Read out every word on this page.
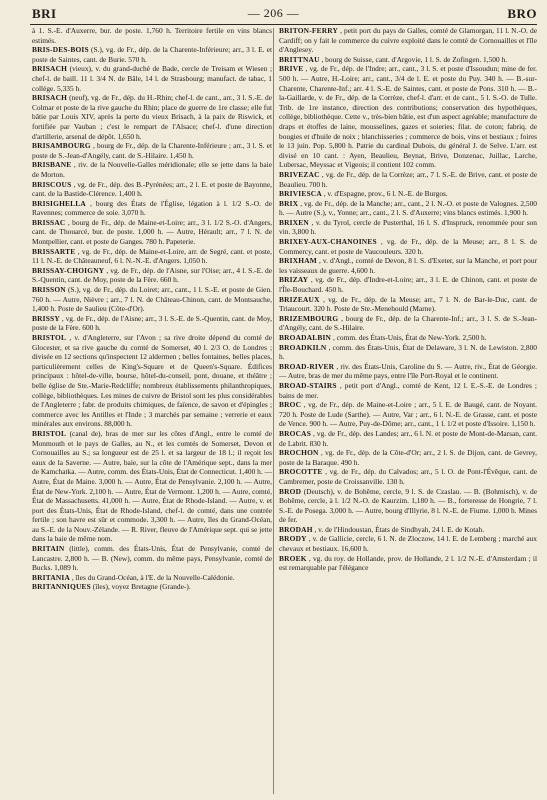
BRI	— 206 —	BRO

à 1. S.-E. d'Auxerre, bur. de poste. 1,760 h. Territoire fertile en vins blancs estimés.

BRIS-DES-BOIS (S.), vg. de Fr., dép. de la Charente-Inférieure; arr., 3 l. E. et poste de Saintes, cant. de Burie. 570 h.

BRISACH (vieux), v. du grand-duché de Bade, cercle de Treisam et Wiesen ; chef-l. de baill. 11 l. 3/4 N. de Bâle, 14 l. de Strasbourg; manufact. de tabac, 1 collège. 5,335 h.

BRISACH (neuf), vg. de Fr., dép. du H.-Rhin; chef-l. de cant., arr., 3 l. S.-E. de Colmar et poste de la rive gauche du Rhin; place de guerre de 1re classe; elle fut bâtie par Louis XIV, après la perte du vieux Brisach, à la paix de Riswick, et fortifiée par Vauban ; c'est le rempart de l'Alsace; chef-l. d'une direction d'artillerie, arsenal de dépôt. 1,650 h.

BRISAMBOURG , bourg de Fr., dép. de la Charente-Inférieure ; arr., 3 l. S. et poste de S.-Jean-d'Angély, cant. de S.-Hilaire. 1,450 h.

BRISBANE , riv. de la Nouvelle-Galles méridionale; elle se jette dans la baie de Morton.

BRISCOUS , vg. de Fr., dép. des B.-Pyrénées; arr., 2 l. E. et poste de Bayonne, cant. de la Bastide-Clérence. 1,400 h.

BRISIGHELLA , bourg des États de l'Église, légation à l. 1/2 S.-O. de Ravennes; commerce de soie. 3,070 h.

BRISSAC , bourg de Fr., dép. de Maine-et-Loire; arr., 3 l. 1/2 S.-O. d'Angers, cant. de Thouarcé, bur. de poste. 1,000 h. — Autre, Hérault; arr., 7 l. N. de Montpellier, cant. et poste de Ganges. 780 h. Papeterie.

BRISSARTE , vg. de Fr., dép. de Maine-et-Loire, arr. de Segré, cant. et poste, 11 l. N.-E. de Châteauneuf, 6 l. N.-N.-E. d'Angers. 1,050 h.

BRISSAY-CHOIGNY , vg. de Fr., dép. de l'Aisne, sur l'Oise; arr., 4 l. S.-E. de S.-Quentin, cant. de Moy, poste de la Fère. 660 h.

BRISSON (S.), vg. de Fr., dép. du Loiret; arr., cant., 1 l. S.-E. et poste de Gien. 760 h. — Autre, Nièvre ; arr., 7 l. N. de Château-Chinon, cant. de Montsauche, 1,400 h. Poste de Saulieu (Côte-d'Or).

BRISSY , vg. de Fr., dép. de l'Aisne; arr., 3 l. S.-E. de S.-Quentin, cant. de Moy, poste de la Fère. 600 h.

BRISTOL , v. d'Angleterre, sur l'Avon ; sa rive droite dépend du comté de Glocester, et sa rive gauche du comté de Somerset, 40 l. 2/3 O. de Londres ; divisée en 12 sections qu'inspectent 12 aldermen ; belles fontaines, belles places, particulièrement celles de King's-Square et de Queen's-Square. Édifices principaux : hôtel-de-ville, bourse, hôtel-du-conseil, pont, douane, et théâtre ; belle église de Ste.-Marie-Redcliffe; nombreux établissements philanthropiques, collège, bibliothèques. Les mines de cuivre de Bristol sont les plus considérables de l'Angleterre ; fabr. de produits chimiques, de faïence, de savon et d'épingles ; commerce avec les Antilles et l'Inde ; 3 marchés par semaine ; verrerie et eaux minérales aux environs. 88,000 h.

BRISTOL (canal de), bras de mer sur les côtes d'Angl., entre le comté de Monmouth et le pays de Galles, au N., et les comtés de Somerset, Devon et Cornouailles au S.; sa longueur est de 25 l. et sa largeur de 18 l.; il reçoit les eaux de la Saverne. — Autre, baie, sur la côte de l'Amérique sept., dans la mer de Kamchatka. — Autre, comm. des États-Unis, État de Connecticut. 1,400 h. — Autre, État de Maine. 3,000 h. — Autre, État de Pensylvanie. 2,100 h. — Autre, État de New-York. 2,100 h. — Autre, État de Vermont. 1,200 h. — Autre, comté, État de Massachusetts. 41,000 h. — Autre, État de Rhode-Island. — Autre, v. et port des États-Unis, État de Rhode-Island, chef-l. de comté, dans une contrée fertile ; son havre est sûr et commode. 3,300 h. — Autre, îles du Grand-Océan, au S.-E. de la Nouv.-Zélande. — R. River, fleuve de l'Amérique sept. qui se jette dans la baie de même nom.

BRITAIN (little), comm. des États-Unis, État de Pensylvanie, comté de Lancastre. 2,800 h. — B. (New), comm. du même pays, Pensylvanie, comté de Bucks. 1,089 h.

BRITANIA , îles du Grand-Océan, à l'E. de la Nouvelle-Calédonie.

BRITANNIQUES (îles), voyez Bretagne (Grande-).

BRITON-FERRY , petit port du pays de Galles, comté de Glamorgan, 11 l. N.-O. de Cardiff; on y fait le commerce du cuivre exploité dans le comté de Cornouailles et l'île d'Anglesey.

BRITTNAU , bourg de Suisse, cant. d'Argovie, 1 l. S. de Zofingen. 1,500 h.

BRIVE , vg. de Fr., dép. de l'Indre; arr., cant., 3 l. S. et poste d'Issoudun; mine de fer. 500 h. — Autre, H.-Loire; arr., cant., 3/4 de l. E. et poste du Puy. 340 h. — B.-sur-Charente, Charente-Inf.; arr. 4 l. S.-E. de Saintes, cant. et poste de Pons. 310 h. — B.-la-Gaillarde, v. de Fr., dép. de la Corrèze, chef-l. d'arr. et de cant., 5 l. S.-O. de Tulle. Trib. de 1re instance, direction des contributions; conservation des hypothèques, collège, bibliothèque. Cette v., très-bien bâtie, est d'un aspect agréable; manufacture de draps et étoffes de laine, mousselines, gazes et soieries; filat. de coton; fabriq. de bougies et d'huile de noix ; blanchisseries ; commerce de bois, vins et bestiaux ; foires le 13 juin. Pop. 5,800 h. Patrie du cardinal Dubois, du général J. de Selve. L'arr. est divisé en 10 cant. : Ayen, Beaulieu, Beynat, Brive, Donzenac, Juillac, Larche, Lubersac, Meyssac et Vigeois; il contient 102 comm.

BRIVEZAC , vg. de Fr., dép. de la Corrèze; arr., 7 l. S.-E. de Brive, cant. et poste de Beaulieu. 700 h.

BRIVIESCA , v. d'Espagne, prov., 6 l. N.-E. de Burgos.

BRIX , vg. de Fr., dép. de la Manche; arr., cant., 2 l. N.-O. et poste de Valognes. 2,500 h. — Autre (S.), v., Yonne; arr., cant., 2 l. S. d'Auxerre; vins blancs estimés. 1,900 h.

BRIXEN , v. du Tyrol, cercle de Pusterthal, 16 l. S. d'Inspruck, renommée pour son vin. 3,800 h.

BRIXEY-AUX-CHANOINES , vg. de Fr., dép. de la Meuse; arr., 8 l. S. de Commercy, cant. et poste de Vaucouleurs. 320 h.

BRIXHAM , v. d'Angl., comté de Devon, 8 l. S. d'Exeter, sur la Manche, et port pour les vaisseaux de guerre. 4,600 h.

BRIZAY , vg. de Fr., dép. d'Indre-et-Loire; arr., 3 l. E. de Chinon, cant. et poste de l'Île-Bouchard. 450 h.

BRIZEAUX , vg. de Fr., dép. de la Meuse; arr., 7 l. N. de Bar-le-Duc, cant. de Triaucourt. 320 h. Poste de Ste.-Menehould (Marne).

BRIZEMBOURG , bourg de Fr., dép. de la Charente-Inf.; arr., 3 l. S. de S.-Jean-d'Angély, cant. de S.-Hilaire.

BROADALBIN , comm. des États-Unis, État de New-York. 2,500 h.

BROADKILN , comm. des États-Unis, État de Delaware, 3 l. N. de Lewiston. 2,800 h.

BROAD-RIVER , riv. des États-Unis, Caroline du S. — Autre, riv., État de Géorgie. — Autre, bras de mer du même pays, entre l'île Port-Royal et le continent.

BROAD-STAIRS , petit port d'Angl., comté de Kent, 12 l. E.-S.-E. de Londres ; bains de mer.

BROC , vg. de Fr., dép. de Maine-et-Loire ; arr., 5 l. E. de Baugé, cant. de Noyant. 720 h. Poste de Lude (Sarthe). — Autre, Var ; arr., 6 l. N.-E. de Grasse, cant. et poste de Vence. 900 h. — Autre, Puy-de-Dôme; arr., cant., 1 l. 1/2 et poste d'Issoire. 1,150 h.

BROCAS , vg. de Fr., dép. des Landes; arr., 6 l. N. et poste de Mont-de-Marsan, cant. de Labrit. 830 h.

BROCHON , vg. de Fr., dép. de la Côte-d'Or; arr., 2 l. S. de Dijon, cant. de Gevrey, poste de la Baraque. 490 h.

BROCOTTE , vg. de Fr., dép. du Calvados; arr., 5 l. O. de Pont-l'Évêque, cant. de Cambremer, poste de Croissanville. 130 h.

BROD (Deutsch), v. de Bohême, cercle, 9 l. S. de Czaslau. — B. (Bohmisch), v. de Bohême, cercle, à l. 1/2 N.-O. de Kaurzim. 1,180 h. — B., forteresse de Hongrie, 7 l. S.-E. de Posega. 3,000 h. — Autre, bourg d'Illyrie, 8 l. N.-E. de Fiume. 1,000 h. Mines de fer.

BRODAH , v. de l'Hindoustan, États de Sindhyah, 24 l. E. de Kotah.

BRODY , v. de Gallicie, cercle, 6 l. N. de Zloczow, 14 l. E. de Lemberg ; marché aux chevaux et bestiaux. 16,600 h.

BROEK , vg. du roy. de Hollande, prov. de Hollande, 2 l. 1/2 N.-E. d'Amsterdam ; il est remarquable par l'élégance
